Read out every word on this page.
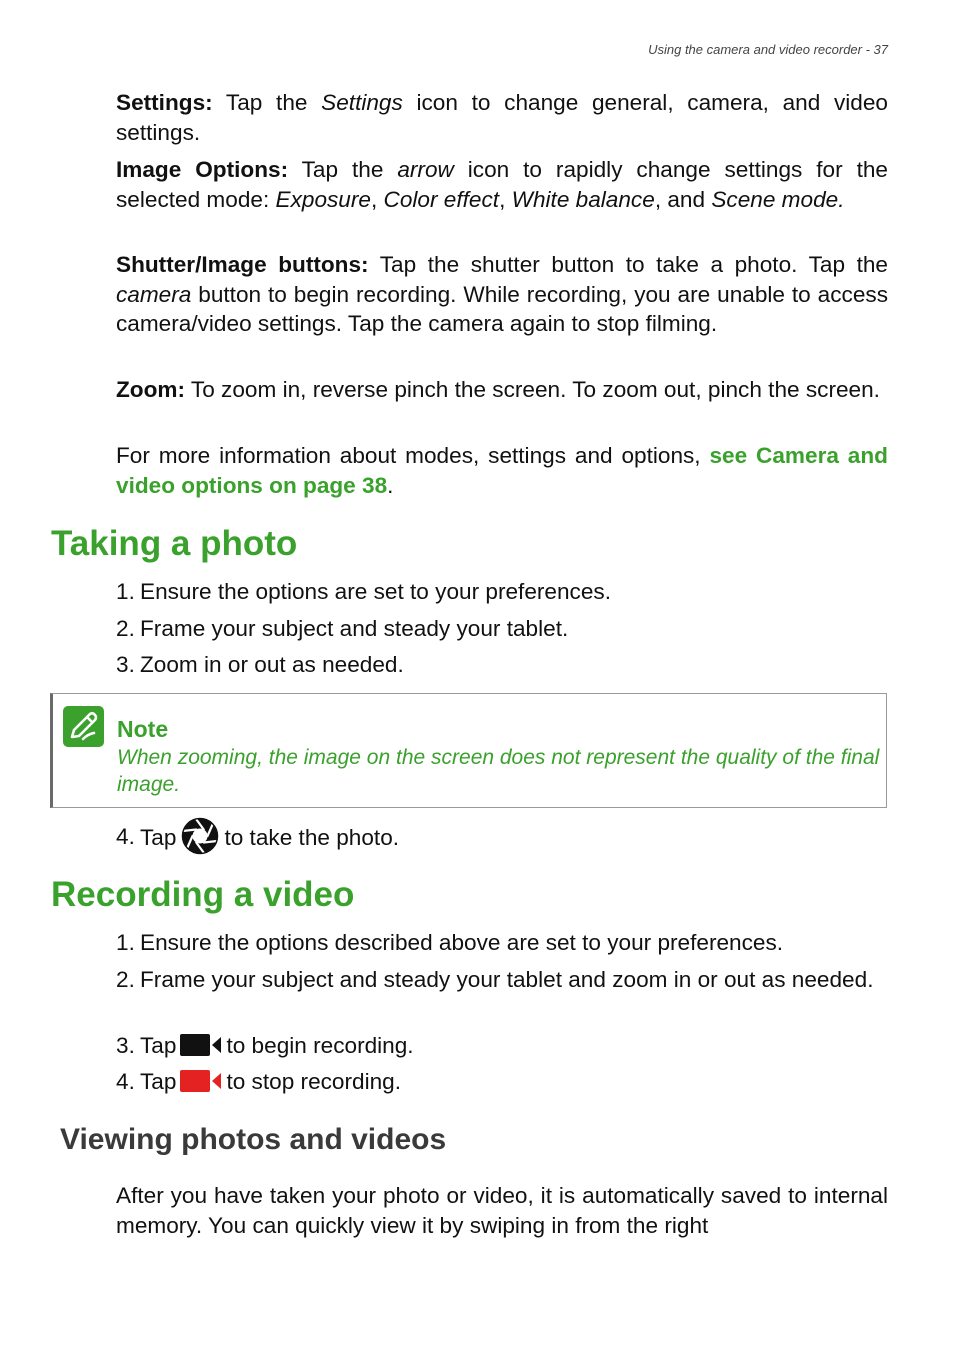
Using the camera and video recorder - 37

Settings: Tap the Settings icon to change general, camera, and video settings.

Image Options: Tap the arrow icon to rapidly change settings for the selected mode: Exposure, Color effect, White balance, and Scene mode.

Shutter/Image buttons: Tap the shutter button to take a photo. Tap the camera button to begin recording. While recording, you are unable to access camera/video settings. Tap the camera again to stop filming.

Zoom: To zoom in, reverse pinch the screen. To zoom out, pinch the screen.

For more information about modes, settings and options, see Camera and video options on page 38.

Taking a photo
1. Ensure the options are set to your preferences.
2. Frame your subject and steady your tablet.
3. Zoom in or out as needed.
Note
When zooming, the image on the screen does not represent the quality of the final image.
4. Tap to take the photo.
Recording a video
1. Ensure the options described above are set to your preferences.
2. Frame your subject and steady your tablet and zoom in or out as needed.
3. Tap to begin recording.
4. Tap to stop recording.
Viewing photos and videos

After you have taken your photo or video, it is automatically saved to internal memory. You can quickly view it by swiping in from the right
